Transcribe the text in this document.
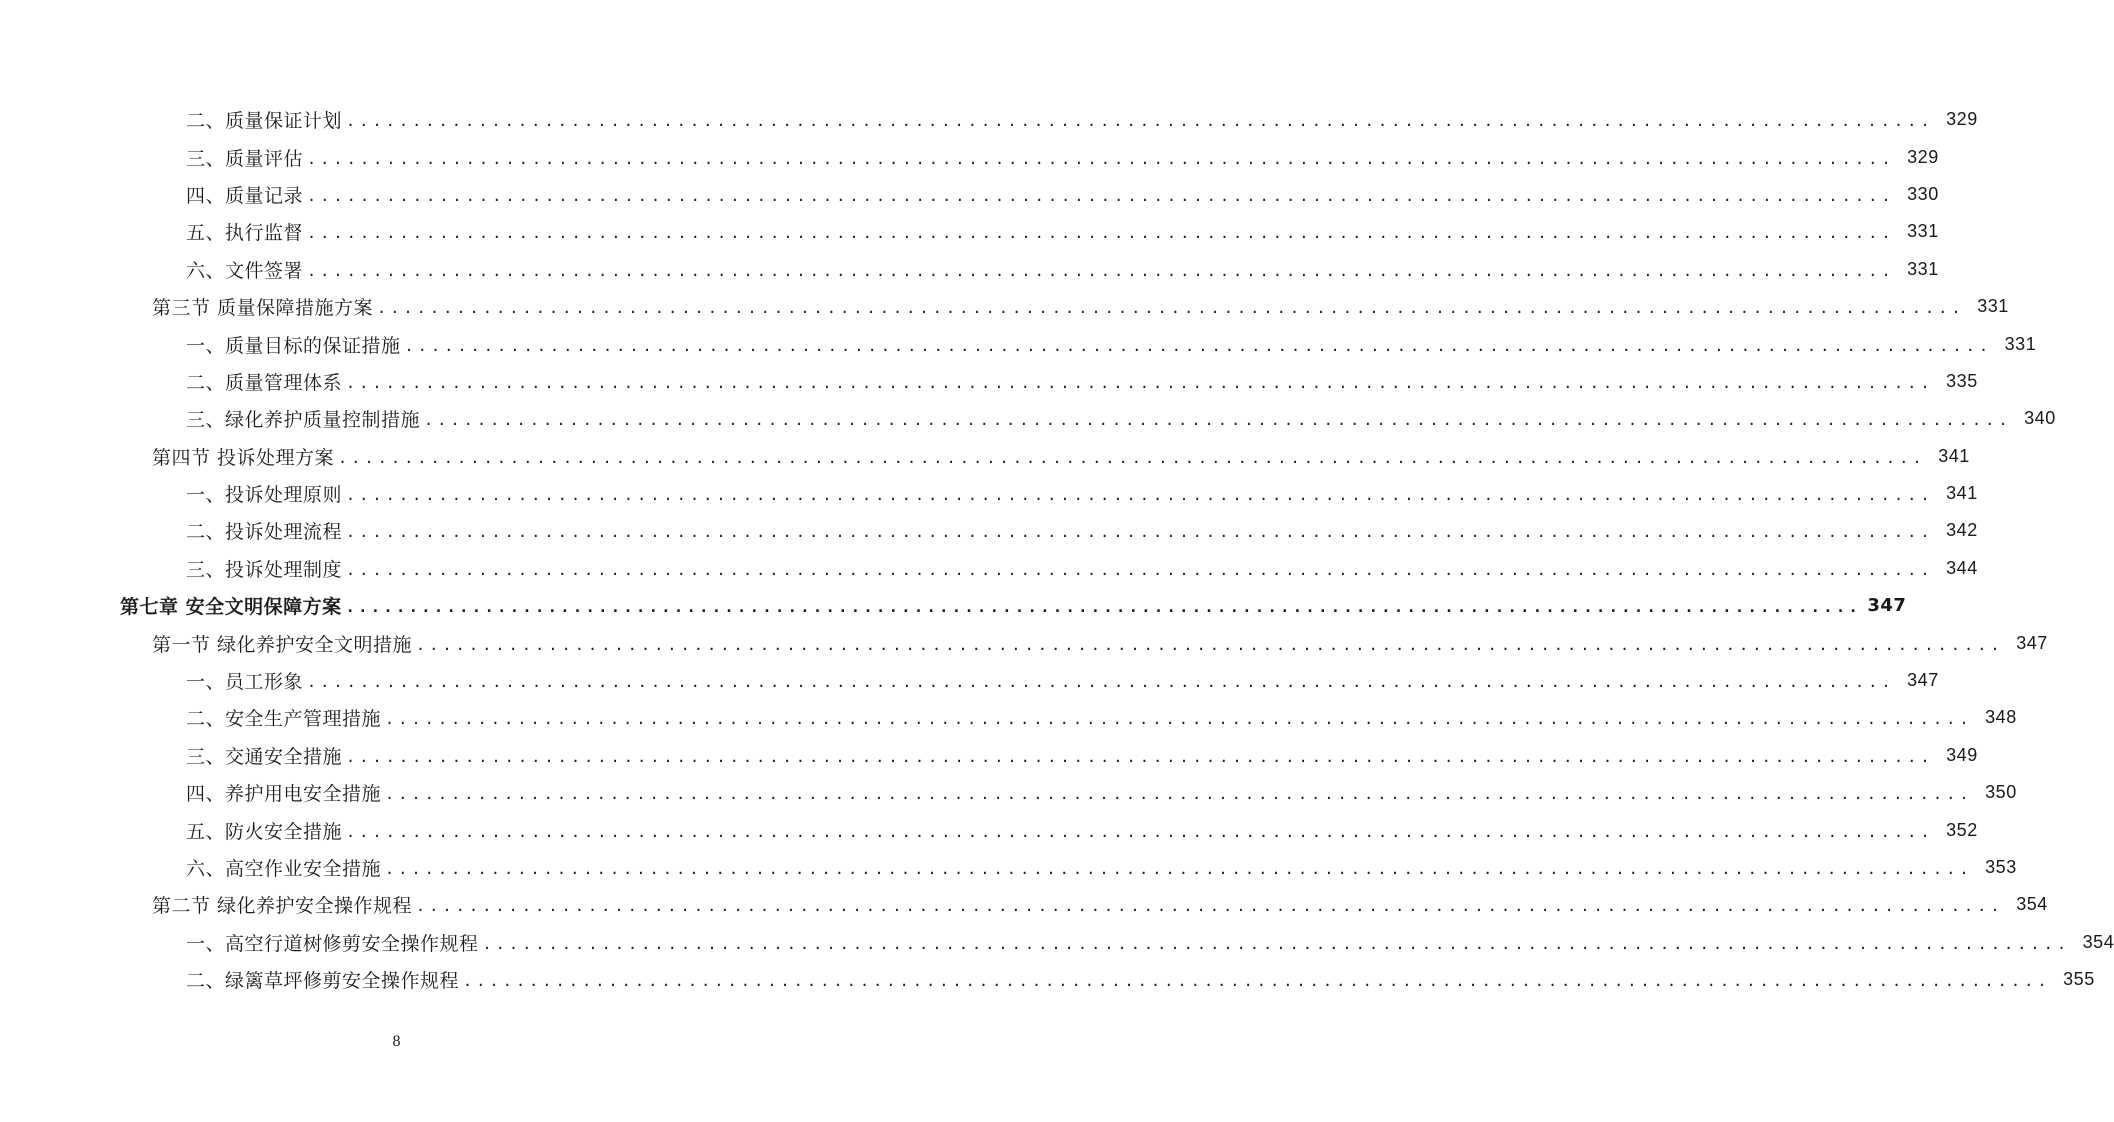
二、质量保证计划 ........................................................................................................................ 329
三、质量评估 ........................................................................................................................ 329
四、质量记录 ........................................................................................................................ 330
五、执行监督 ........................................................................................................................ 331
六、文件签署 ........................................................................................................................ 331
第三节 质量保障措施方案 ........................................................................................................................ 331
一、质量目标的保证措施 ........................................................................................................................ 331
二、质量管理体系 ........................................................................................................................ 335
三、绿化养护质量控制措施 ........................................................................................................................ 340
第四节 投诉处理方案 ........................................................................................................................ 341
一、投诉处理原则 ........................................................................................................................ 341
二、投诉处理流程 ........................................................................................................................ 342
三、投诉处理制度 ........................................................................................................................ 344
第七章 安全文明保障方案 ........................................................................................................................ 347
第一节 绿化养护安全文明措施 ........................................................................................................................ 347
一、员工形象 ........................................................................................................................ 347
二、安全生产管理措施 ........................................................................................................................ 348
三、交通安全措施 ........................................................................................................................ 349
四、养护用电安全措施 ........................................................................................................................ 350
五、防火安全措施 ........................................................................................................................ 352
六、高空作业安全措施 ........................................................................................................................ 353
第二节 绿化养护安全操作规程 ........................................................................................................................ 354
一、高空行道树修剪安全操作规程 ........................................................................................................................ 354
二、绿篱草坪修剪安全操作规程 ........................................................................................................................ 355
8
